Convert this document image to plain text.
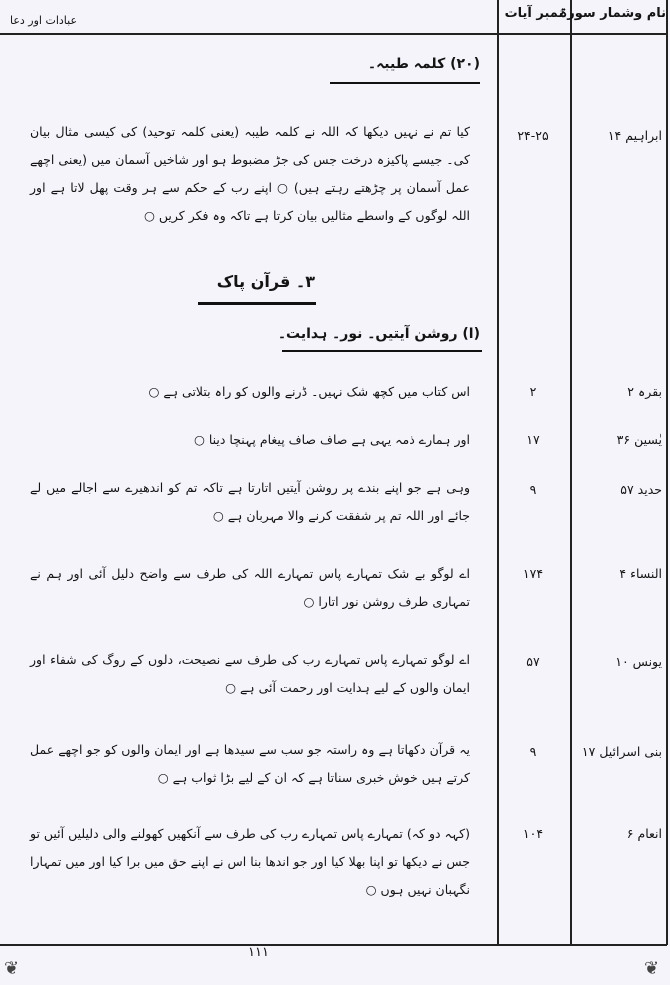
عبادات اور دعا	نمبر آیات
نام وشمار سورۃ
(۲۰) کلمہ طیبہ۔
ابراہیم ۱۴
۲۴-۲۵
کیا تم نے نہیں دیکھا کہ اللہ نے کلمہ طیبہ (یعنی کلمہ توحید) کی کیسی مثال بیان کی۔ جیسے پاکیزہ درخت جس کی جڑ مضبوط ہو اور شاخیں آسمان میں (یعنی اچھے عمل آسمان پر چڑھتے رہتے ہیں) ○ اپنے رب کے حکم سے ہر وقت پھل لاتا ہے اور اللہ لوگوں کے واسطے مثالیں بیان کرتا ہے تاکہ وہ فکر کریں ○
۳۔ قرآن پاک
(ا) روشن آیتیں۔ نور۔ ہدایت۔
بقرہ ۲
۲
اس کتاب میں کچھ شک نہیں۔ ڈرنے والوں کو راہ بتلاتی ہے ○
یٰسین ۳۶
۱۷
اور ہمارے ذمہ یہی ہے صاف صاف پیغام پہنچا دینا ○
حدید ۵۷
۹
وہی ہے جو اپنے بندے پر روشن آیتیں اتارتا ہے تاکہ تم کو اندھیرے سے اجالے میں لے جائے اور اللہ تم پر شفقت کرنے والا مہربان ہے ○
النساء ۴
۱۷۴
اے لوگو بے شک تمہارے پاس تمہارے اللہ کی طرف سے واضح دلیل آئی اور ہم نے تمہاری طرف روشن نور اتارا ○
یونس ۱۰
۵۷
اے لوگو تمہارے پاس تمہارے رب کی طرف سے نصیحت، دلوں کے روگ کی شفاء اور ایمان والوں کے لیے ہدایت اور رحمت آئی ہے ○
بنی اسرائیل ۱۷
۹
یہ قرآن دکھاتا ہے وہ راستہ جو سب سے سیدھا ہے اور ایمان والوں کو جو اچھے عمل کرتے ہیں خوش خبری سناتا ہے کہ ان کے لیے بڑا ثواب ہے ○
انعام ۶
۱۰۴
(کہہ دو کہ) تمہارے پاس تمہارے رب کی طرف سے آنکھیں کھولنے والی دلیلیں آئیں تو جس نے دیکھا تو اپنا بھلا کیا اور جو اندھا بنا اس نے اپنے حق میں برا کیا اور میں تمہارا نگہبان نہیں ہوں ○
۱۱۱
❦	❦
